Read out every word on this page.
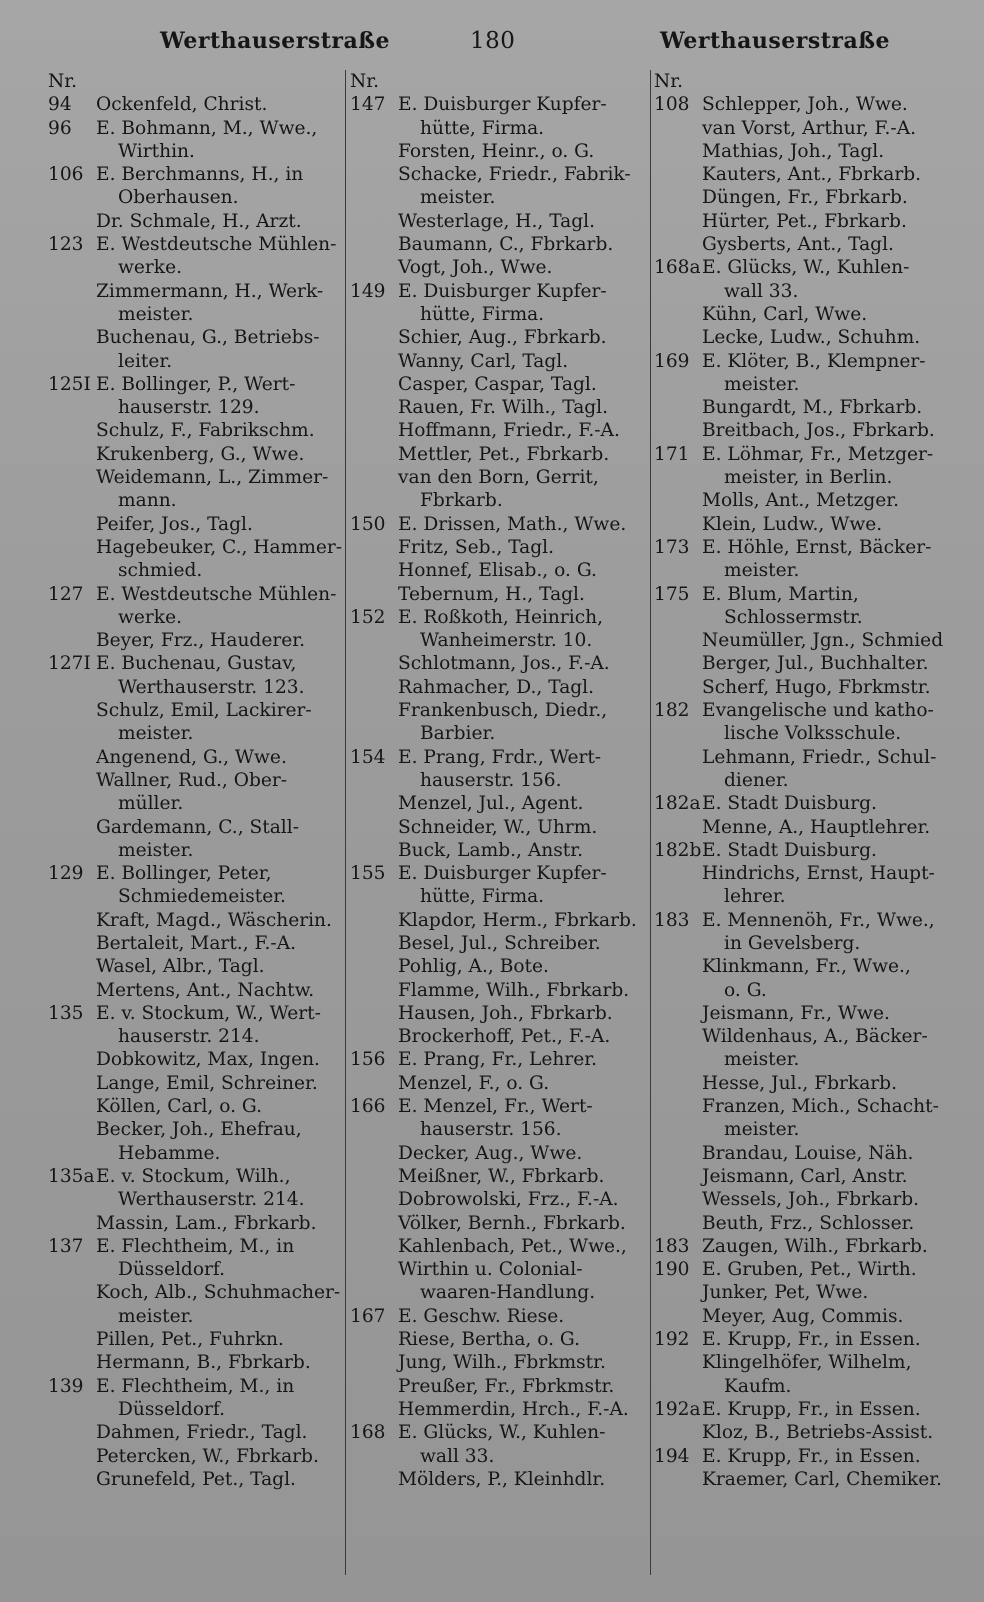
Werthauserstraße	180	Werthauserstraße
Nr.
94 Ockenfeld, Christ.
96 E. Bohmann, M., Wwe.,
Wirthin.
106 E. Berchmanns, H., in
Oberhausen.
Dr. Schmale, H., Arzt.
123 E. Westdeutsche Mühlen-
werke.
Zimmermann, H., Werk-
meister.
Buchenau, G., Betriebs-
leiter.
125I E. Bollinger, P., Wert-
hauserstr. 129.
Schulz, F., Fabrikschm.
Krukenberg, G., Wwe.
Weidemann, L., Zimmer-
mann.
Peifer, Jos., Tagl.
Hagebeuker, C., Hammer-
schmied.
127 E. Westdeutsche Mühlen-
werke.
Beyer, Frz., Hauderer.
127I E. Buchenau, Gustav,
Werthauserstr. 123.
Schulz, Emil, Lackirer-
meister.
Angenend, G., Wwe.
Wallner, Rud., Ober-
müller.
Gardemann, C., Stall-
meister.
129 E. Bollinger, Peter,
Schmiedemeister.
Kraft, Magd., Wäscherin.
Bertaleit, Mart., F.-A.
Wasel, Albr., Tagl.
Mertens, Ant., Nachtw.
135 E. v. Stockum, W., Wert-
hauserstr. 214.
Dobkowitz, Max, Ingen.
Lange, Emil, Schreiner.
Köllen, Carl, o. G.
Becker, Joh., Ehefrau,
Hebamme.
135aE. v. Stockum, Wilh.,
Werthauserstr. 214.
Massin, Lam., Fbrkarb.
137 E. Flechtheim, M., in
Düsseldorf.
Koch, Alb., Schuhmacher-
meister.
Pillen, Pet., Fuhrkn.
Hermann, B., Fbrkarb.
139 E. Flechtheim, M., in
Düsseldorf.
Dahmen, Friedr., Tagl.
Petercken, W., Fbrkarb.
Grunefeld, Pet., Tagl.
Nr.
147 E. Duisburger Kupfer-
hütte, Firma.
Forsten, Heinr., o. G.
Schacke, Friedr., Fabrik-
meister.
Westerlage, H., Tagl.
Baumann, C., Fbrkarb.
Vogt, Joh., Wwe.
149 E. Duisburger Kupfer-
hütte, Firma.
Schier, Aug., Fbrkarb.
Wanny, Carl, Tagl.
Casper, Caspar, Tagl.
Rauen, Fr. Wilh., Tagl.
Hoffmann, Friedr., F.-A.
Mettler, Pet., Fbrkarb.
van den Born, Gerrit,
Fbrkarb.
150 E. Drissen, Math., Wwe.
Fritz, Seb., Tagl.
Honnef, Elisab., o. G.
Tebernum, H., Tagl.
152 E. Roßkoth, Heinrich,
Wanheimerstr. 10.
Schlotmann, Jos., F.-A.
Rahmacher, D., Tagl.
Frankenbusch, Diedr.,
Barbier.
154 E. Prang, Frdr., Wert-
hauserstr. 156.
Menzel, Jul., Agent.
Schneider, W., Uhrm.
Buck, Lamb., Anstr.
155 E. Duisburger Kupfer-
hütte, Firma.
Klapdor, Herm., Fbrkarb.
Besel, Jul., Schreiber.
Pohlig, A., Bote.
Flamme, Wilh., Fbrkarb.
Hausen, Joh., Fbrkarb.
Brockerhoff, Pet., F.-A.
156 E. Prang, Fr., Lehrer.
Menzel, F., o. G.
166 E. Menzel, Fr., Wert-
hauserstr. 156.
Decker, Aug., Wwe.
Meißner, W., Fbrkarb.
Dobrowolski, Frz., F.-A.
Völker, Bernh., Fbrkarb.
Kahlenbach, Pet., Wwe.,
Wirthin u. Colonial-
waaren-Handlung.
167 E. Geschw. Riese.
Riese, Bertha, o. G.
Jung, Wilh., Fbrkmstr.
Preußer, Fr., Fbrkmstr.
Hemmerdin, Hrch., F.-A.
168 E. Glücks, W., Kuhlen-
wall 33.
Mölders, P., Kleinhdlr.
Nr.
108 Schlepper, Joh., Wwe.
van Vorst, Arthur, F.-A.
Mathias, Joh., Tagl.
Kauters, Ant., Fbrkarb.
Düngen, Fr., Fbrkarb.
Hürter, Pet., Fbrkarb.
Gysberts, Ant., Tagl.
168aE. Glücks, W., Kuhlen-
wall 33.
Kühn, Carl, Wwe.
Lecke, Ludw., Schuhm.
169 E. Klöter, B., Klempner-
meister.
Bungardt, M., Fbrkarb.
Breitbach, Jos., Fbrkarb.
171 E. Löhmar, Fr., Metzger-
meister, in Berlin.
Molls, Ant., Metzger.
Klein, Ludw., Wwe.
173 E. Höhle, Ernst, Bäcker-
meister.
175 E. Blum, Martin,
Schlossermstr.
Neumüller, Jgn., Schmied
Berger, Jul., Buchhalter.
Scherf, Hugo, Fbrkmstr.
182 Evangelische und katho-
lische Volksschule.
Lehmann, Friedr., Schul-
diener.
182aE. Stadt Duisburg.
Menne, A., Hauptlehrer.
182bE. Stadt Duisburg.
Hindrichs, Ernst, Haupt-
lehrer.
183 E. Mennenöh, Fr., Wwe.,
in Gevelsberg.
Klinkmann, Fr., Wwe.,
o. G.
Jeismann, Fr., Wwe.
Wildenhaus, A., Bäcker-
meister.
Hesse, Jul., Fbrkarb.
Franzen, Mich., Schacht-
meister.
Brandau, Louise, Näh.
Jeismann, Carl, Anstr.
Wessels, Joh., Fbrkarb.
Beuth, Frz., Schlosser.
183 Zaugen, Wilh., Fbrkarb.
190 E. Gruben, Pet., Wirth.
Junker, Pet, Wwe.
Meyer, Aug, Commis.
192 E. Krupp, Fr., in Essen.
Klingelhöfer, Wilhelm,
Kaufm.
192aE. Krupp, Fr., in Essen.
Kloz, B., Betriebs-Assist.
194 E. Krupp, Fr., in Essen.
Kraemer, Carl, Chemiker.
